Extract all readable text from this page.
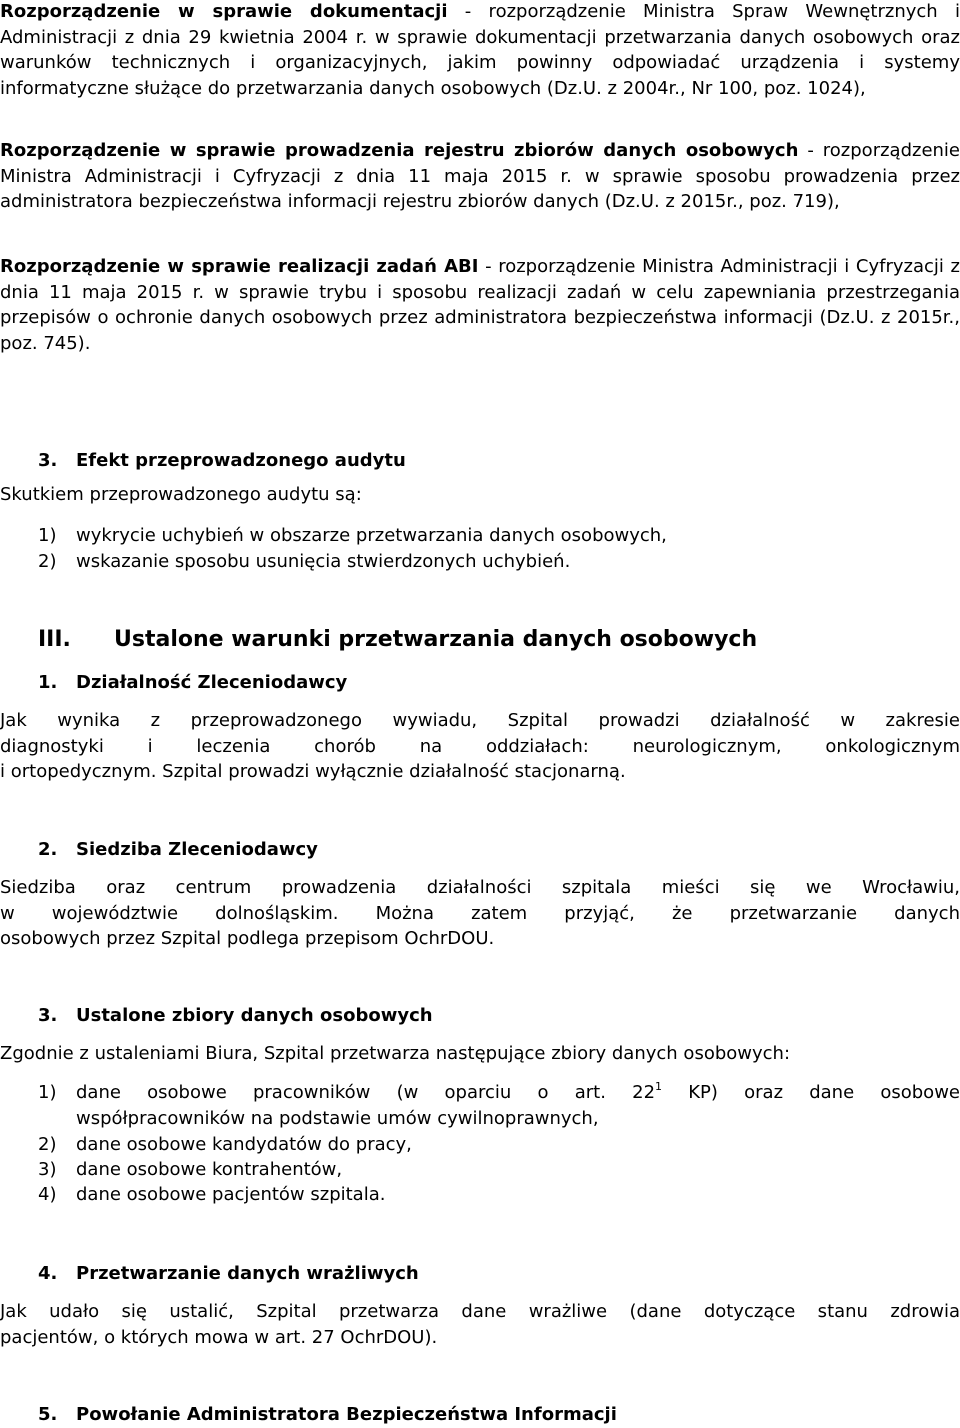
Rozporządzenie w sprawie dokumentacji - rozporządzenie Ministra Spraw Wewnętrznych i Administracji z dnia 29 kwietnia 2004 r. w sprawie dokumentacji przetwarzania danych osobowych oraz warunków technicznych i organizacyjnych, jakim powinny odpowiadać urządzenia i systemy informatyczne służące do przetwarzania danych osobowych (Dz.U. z 2004r., Nr 100, poz. 1024),

Rozporządzenie w sprawie prowadzenia rejestru zbiorów danych osobowych - rozporządzenie Ministra Administracji i Cyfryzacji z dnia 11 maja 2015 r. w sprawie sposobu prowadzenia przez administratora bezpieczeństwa informacji rejestru zbiorów danych (Dz.U. z 2015r., poz. 719),

Rozporządzenie w sprawie realizacji zadań ABI - rozporządzenie Ministra Administracji i Cyfryzacji z dnia 11 maja 2015 r. w sprawie trybu i sposobu realizacji zadań w celu zapewniania przestrzegania przepisów o ochronie danych osobowych przez administratora bezpieczeństwa informacji (Dz.U. z 2015r., poz. 745).

3. Efekt przeprowadzonego audytu

Skutkiem przeprowadzonego audytu są:

1) wykrycie uchybień w obszarze przetwarzania danych osobowych,
2) wskazanie sposobu usunięcia stwierdzonych uchybień.
III. Ustalone warunki przetwarzania danych osobowych
1. Działalność Zleceniodawcy
Jak wynika z przeprowadzonego wywiadu, Szpital prowadzi działalność w zakresie
diagnostyki i leczenia chorób na oddziałach: neurologicznym, onkologicznym
i ortopedycznym. Szpital prowadzi wyłącznie działalność stacjonarną.
2. Siedziba Zleceniodawcy
Siedziba oraz centrum prowadzenia działalności szpitala mieści się we Wrocławiu,
w województwie dolnośląskim. Można zatem przyjąć, że przetwarzanie danych
osobowych przez Szpital podlega przepisom OchrDOU.
3. Ustalone zbiory danych osobowych

Zgodnie z ustaleniami Biura, Szpital przetwarza następujące zbiory danych osobowych:

1) dane osobowe pracowników (w oparciu o art. $22^1$ KP) oraz dane osobowe
współpracowników na podstawie umów cywilnoprawnych,
2) dane osobowe kandydatów do pracy,
3) dane osobowe kontrahentów,
4) dane osobowe pacjentów szpitala.
4. Przetwarzanie danych wrażliwych
Jak udało się ustalić, Szpital przetwarza dane wrażliwe (dane dotyczące stanu zdrowia
pacjentów, o których mowa w art. 27 OchrDOU).
5. Powołanie Administratora Bezpieczeństwa Informacji
